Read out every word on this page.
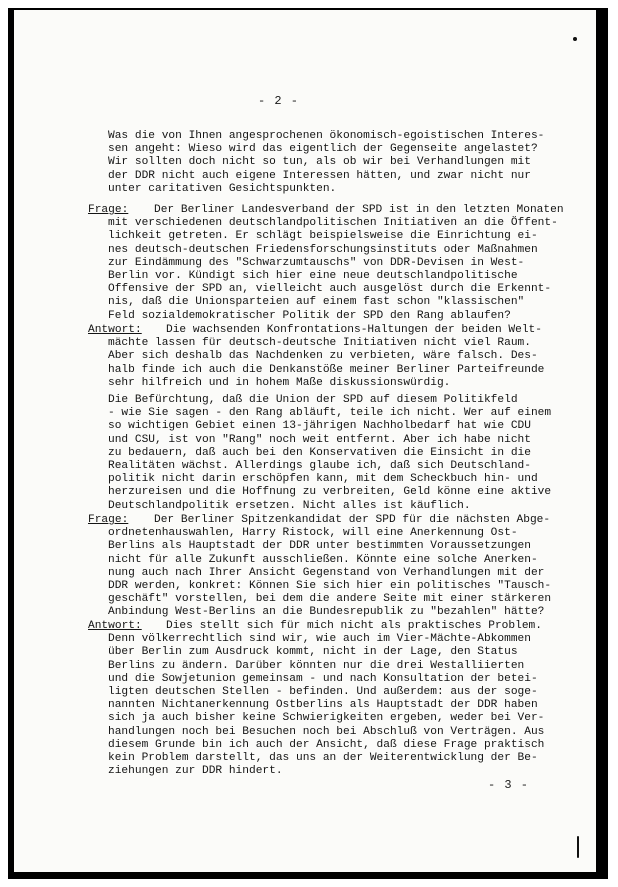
- 2 -
Was die von Ihnen angesprochenen ökonomisch-egoistischen Interes-
sen angeht: Wieso wird das eigentlich der Gegenseite angelastet?
Wir sollten doch nicht so tun, als ob wir bei Verhandlungen mit
der DDR nicht auch eigene Interessen hätten, und zwar nicht nur
unter caritativen Gesichtspunkten.
Frage:	Der Berliner Landesverband der SPD ist in den letzten Monaten
mit verschiedenen deutschlandpolitischen Initiativen an die Öffent-
lichkeit getreten. Er schlägt beispielsweise die Einrichtung ei-
nes deutsch-deutschen Friedensforschungsinstituts oder Maßnahmen
zur Eindämmung des "Schwarzumtauschs" von DDR-Devisen in West-
Berlin vor. Kündigt sich hier eine neue deutschlandpolitische
Offensive der SPD an, vielleicht auch ausgelöst durch die Erkennt-
nis, daß die Unionsparteien auf einem fast schon "klassischen"
Feld sozialdemokratischer Politik der SPD den Rang ablaufen?
Antwort:	Die wachsenden Konfrontations-Haltungen der beiden Welt-
mächte lassen für deutsch-deutsche Initiativen nicht viel Raum.
Aber sich deshalb das Nachdenken zu verbieten, wäre falsch. Des-
halb finde ich auch die Denkanstöße meiner Berliner Parteifreunde
sehr hilfreich und in hohem Maße diskussionswürdig.
Die Befürchtung, daß die Union der SPD auf diesem Politikfeld
- wie Sie sagen - den Rang abläuft, teile ich nicht. Wer auf einem
so wichtigen Gebiet einen 13-jährigen Nachholbedarf hat wie CDU
und CSU, ist von "Rang" noch weit entfernt. Aber ich habe nicht
zu bedauern, daß auch bei den Konservativen die Einsicht in die
Realitäten wächst. Allerdings glaube ich, daß sich Deutschland-
politik nicht darin erschöpfen kann, mit dem Scheckbuch hin- und
herzureisen und die Hoffnung zu verbreiten, Geld könne eine aktive
Deutschlandpolitik ersetzen. Nicht alles ist käuflich.
Frage:	Der Berliner Spitzenkandidat der SPD für die nächsten Abge-
ordnetenhauswahlen, Harry Ristock, will eine Anerkennung Ost-
Berlins als Hauptstadt der DDR unter bestimmten Voraussetzungen
nicht für alle Zukunft ausschließen. Könnte eine solche Anerken-
nung auch nach Ihrer Ansicht Gegenstand von Verhandlungen mit der
DDR werden, konkret: Können Sie sich hier ein politisches "Tausch-
geschäft" vorstellen, bei dem die andere Seite mit einer stärkeren
Anbindung West-Berlins an die Bundesrepublik zu "bezahlen" hätte?
Antwort:	Dies stellt sich für mich nicht als praktisches Problem.
Denn völkerrechtlich sind wir, wie auch im Vier-Mächte-Abkommen
über Berlin zum Ausdruck kommt, nicht in der Lage, den Status
Berlins zu ändern. Darüber könnten nur die drei Westalliierten
und die Sowjetunion gemeinsam - und nach Konsultation der betei-
ligten deutschen Stellen - befinden. Und außerdem: aus der soge-
nannten Nichtanerkennung Ostberlins als Hauptstadt der DDR haben
sich ja auch bisher keine Schwierigkeiten ergeben, weder bei Ver-
handlungen noch bei Besuchen noch bei Abschluß von Verträgen. Aus
diesem Grunde bin ich auch der Ansicht, daß diese Frage praktisch
kein Problem darstellt, das uns an der Weiterentwicklung der Be-
ziehungen zur DDR hindert.
- 3 -
